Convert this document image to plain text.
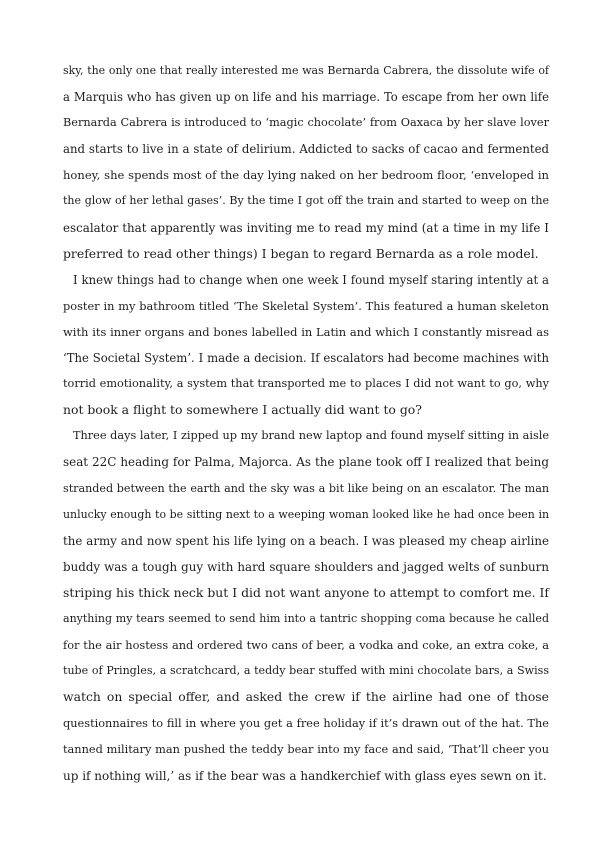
sky, the only one that really interested me was Bernarda Cabrera, the dissolute wife of
a Marquis who has given up on life and his marriage. To escape from her own life
Bernarda Cabrera is introduced to ‘magic chocolate’ from Oaxaca by her slave lover
and starts to live in a state of delirium. Addicted to sacks of cacao and fermented
honey, she spends most of the day lying naked on her bedroom floor, ‘enveloped in
the glow of her lethal gases’. By the time I got off the train and started to weep on the
escalator that apparently was inviting me to read my mind (at a time in my life I
preferred to read other things) I began to regard Bernarda as a role model.
I knew things had to change when one week I found myself staring intently at a
poster in my bathroom titled ‘The Skeletal System’. This featured a human skeleton
with its inner organs and bones labelled in Latin and which I constantly misread as
‘The Societal System’. I made a decision. If escalators had become machines with
torrid emotionality, a system that transported me to places I did not want to go, why
not book a flight to somewhere I actually did want to go?
Three days later, I zipped up my brand new laptop and found myself sitting in aisle
seat 22C heading for Palma, Majorca. As the plane took off I realized that being
stranded between the earth and the sky was a bit like being on an escalator. The man
unlucky enough to be sitting next to a weeping woman looked like he had once been in
the army and now spent his life lying on a beach. I was pleased my cheap airline
buddy was a tough guy with hard square shoulders and jagged welts of sunburn
striping his thick neck but I did not want anyone to attempt to comfort me. If
anything my tears seemed to send him into a tantric shopping coma because he called
for the air hostess and ordered two cans of beer, a vodka and coke, an extra coke, a
tube of Pringles, a scratchcard, a teddy bear stuffed with mini chocolate bars, a Swiss
watch on special offer, and asked the crew if the airline had one of those
questionnaires to fill in where you get a free holiday if it’s drawn out of the hat. The
tanned military man pushed the teddy bear into my face and said, ‘That’ll cheer you
up if nothing will,’ as if the bear was a handkerchief with glass eyes sewn on it.
